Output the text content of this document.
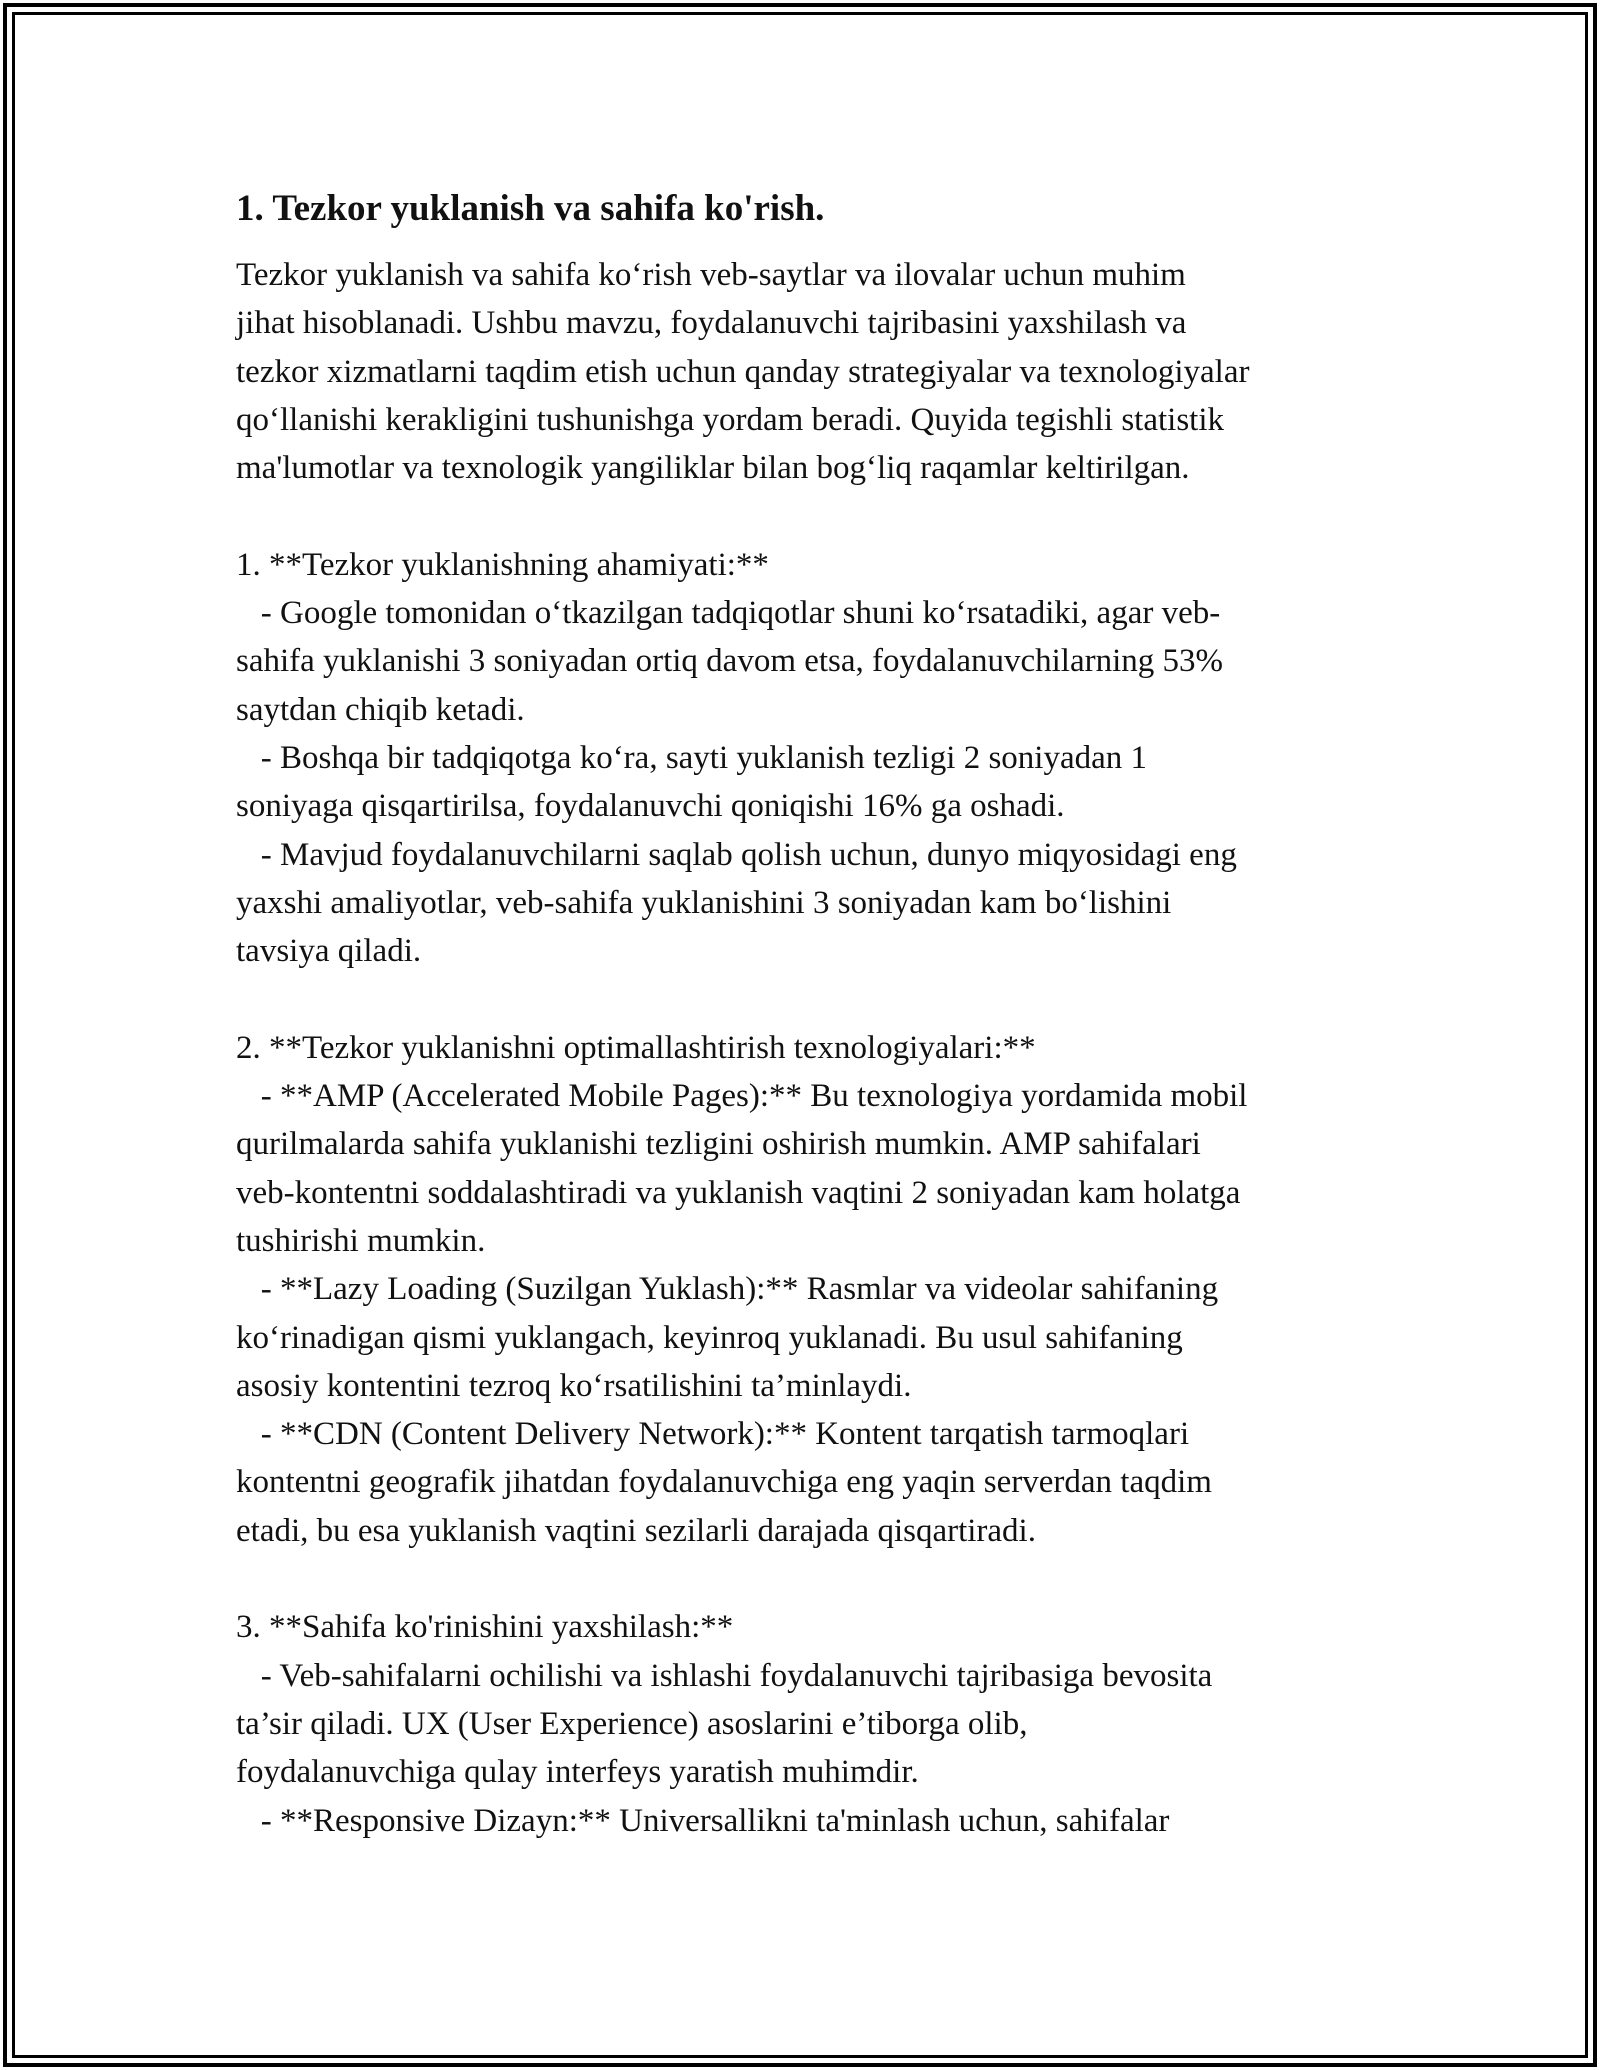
1. Tezkor yuklanish va sahifa ko'rish.
Tezkor yuklanish va sahifa ko‘rish veb-saytlar va ilovalar uchun muhim
jihat hisoblanadi. Ushbu mavzu, foydalanuvchi tajribasini yaxshilash va
tezkor xizmatlarni taqdim etish uchun qanday strategiyalar va texnologiyalar
qo‘llanishi kerakligini tushunishga yordam beradi. Quyida tegishli statistik
ma'lumotlar va texnologik yangiliklar bilan bog‘liq raqamlar keltirilgan.
1. **Tezkor yuklanishning ahamiyati:**
- Google tomonidan o‘tkazilgan tadqiqotlar shuni ko‘rsatadiki, agar veb-
sahifa yuklanishi 3 soniyadan ortiq davom etsa, foydalanuvchilarning 53%
saytdan chiqib ketadi.
- Boshqa bir tadqiqotga ko‘ra, sayti yuklanish tezligi 2 soniyadan 1
soniyaga qisqartirilsa, foydalanuvchi qoniqishi 16% ga oshadi.
- Mavjud foydalanuvchilarni saqlab qolish uchun, dunyo miqyosidagi eng
yaxshi amaliyotlar, veb-sahifa yuklanishini 3 soniyadan kam bo‘lishini
tavsiya qiladi.
2. **Tezkor yuklanishni optimallashtirish texnologiyalari:**
- **AMP (Accelerated Mobile Pages):** Bu texnologiya yordamida mobil
qurilmalarda sahifa yuklanishi tezligini oshirish mumkin. AMP sahifalari
veb-kontentni soddalashtiradi va yuklanish vaqtini 2 soniyadan kam holatga
tushirishi mumkin.
- **Lazy Loading (Suzilgan Yuklash):** Rasmlar va videolar sahifaning
ko‘rinadigan qismi yuklangach, keyinroq yuklanadi. Bu usul sahifaning
asosiy kontentini tezroq ko‘rsatilishini ta’minlaydi.
- **CDN (Content Delivery Network):** Kontent tarqatish tarmoqlari
kontentni geografik jihatdan foydalanuvchiga eng yaqin serverdan taqdim
etadi, bu esa yuklanish vaqtini sezilarli darajada qisqartiradi.
3. **Sahifa ko'rinishini yaxshilash:**
- Veb-sahifalarni ochilishi va ishlashi foydalanuvchi tajribasiga bevosita
ta’sir qiladi. UX (User Experience) asoslarini e’tiborga olib,
foydalanuvchiga qulay interfeys yaratish muhimdir.
- **Responsive Dizayn:** Universallikni ta'minlash uchun, sahifalar
